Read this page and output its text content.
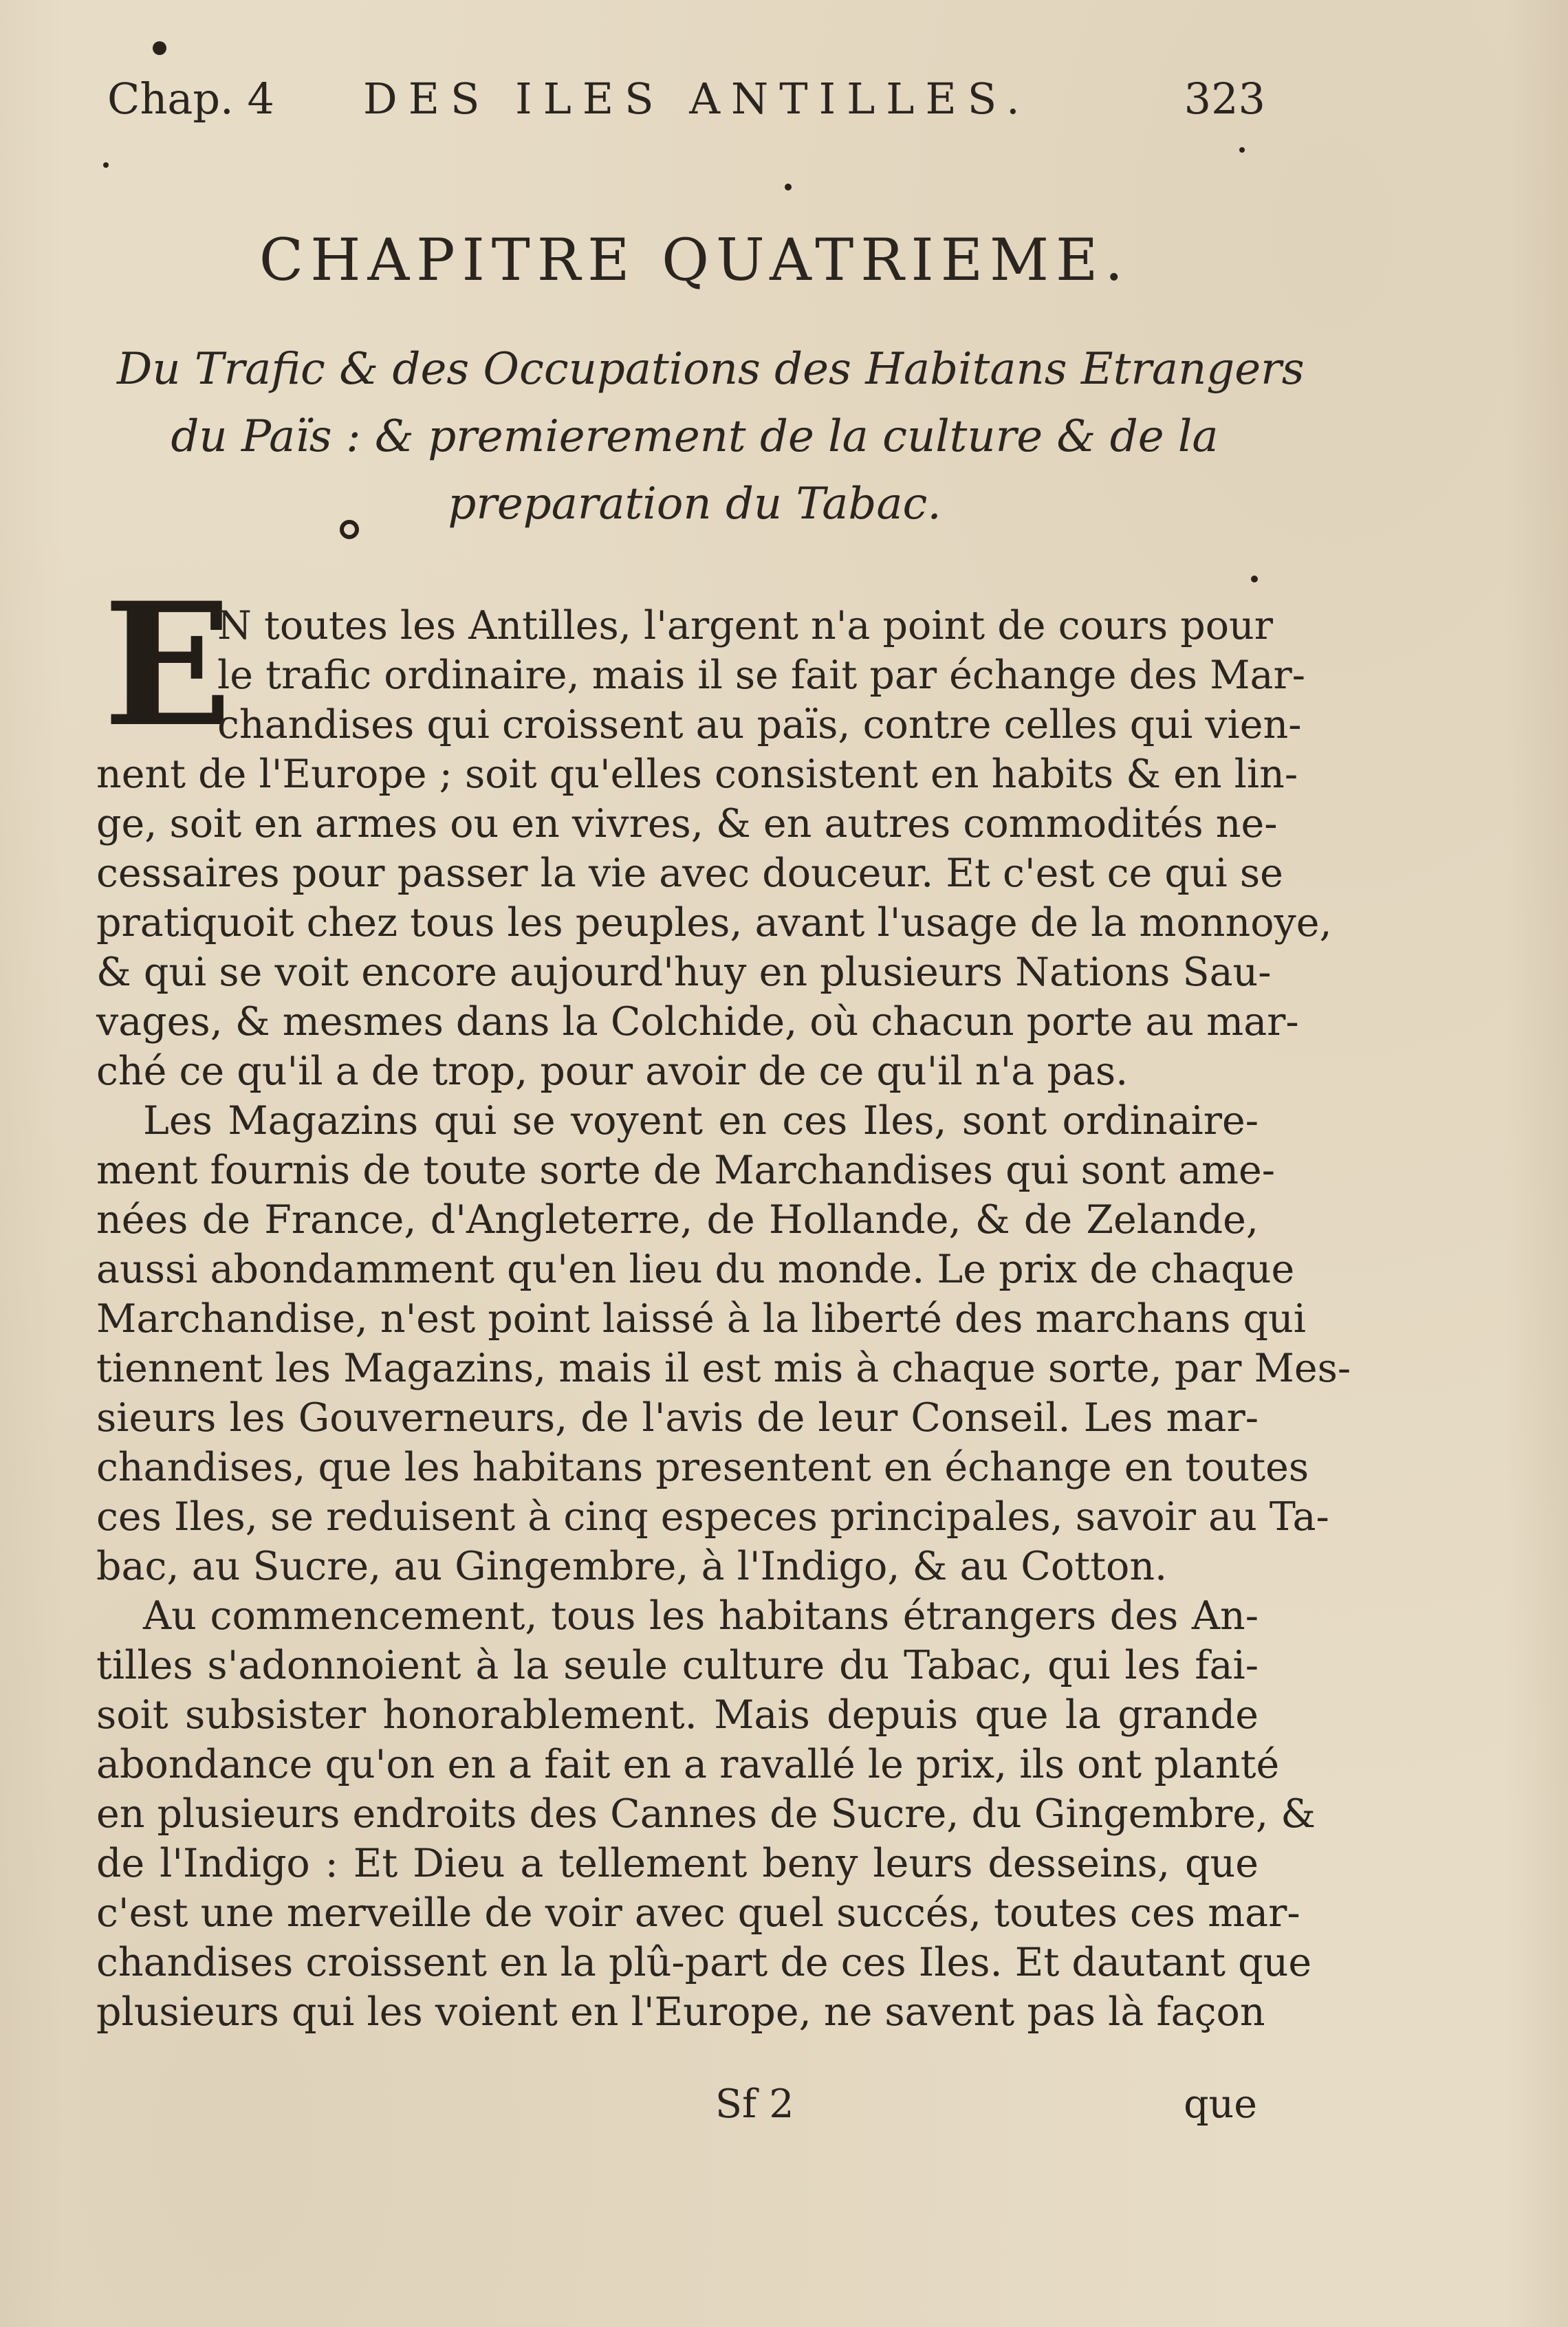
Chap. 4 DES ILES ANTILLES.	323
CHAPITRE QUATRIEME.
Du Trafic & des Occupations des Habitans Etrangers
du Païs : & premierement de la culture & de la
preparation du Tabac.
E
N toutes les Antilles, l'argent n'a point de cours pour
le trafic ordinaire, mais il se fait par échange des Mar-
chandises qui croissent au païs, contre celles qui vien-
nent de l'Europe ; soit qu'elles consistent en habits & en lin-
ge, soit en armes ou en vivres, & en autres commodités ne-
cessaires pour passer la vie avec douceur. Et c'est ce qui se
pratiquoit chez tous les peuples, avant l'usage de la monnoye,
& qui se voit encore aujourd'huy en plusieurs Nations Sau-
vages, & mesmes dans la Colchide, où chacun porte au mar-
ché ce qu'il a de trop, pour avoir de ce qu'il n'a pas.
Les Magazins qui se voyent en ces Iles, sont ordinaire-
ment fournis de toute sorte de Marchandises qui sont ame-
nées de France, d'Angleterre, de Hollande, & de Zelande,
aussi abondamment qu'en lieu du monde. Le prix de chaque
Marchandise, n'est point laissé à la liberté des marchans qui
tiennent les Magazins, mais il est mis à chaque sorte, par Mes-
sieurs les Gouverneurs, de l'avis de leur Conseil. Les mar-
chandises, que les habitans presentent en échange en toutes
ces Iles, se reduisent à cinq especes principales, savoir au Ta-
bac, au Sucre, au Gingembre, à l'Indigo, & au Cotton.
Au commencement, tous les habitans étrangers des An-
tilles s'adonnoient à la seule culture du Tabac, qui les fai-
soit subsister honorablement. Mais depuis que la grande
abondance qu'on en a fait en a ravallé le prix, ils ont planté
en plusieurs endroits des Cannes de Sucre, du Gingembre, &
de l'Indigo : Et Dieu a tellement beny leurs desseins, que
c'est une merveille de voir avec quel succés, toutes ces mar-
chandises croissent en la plû-part de ces Iles. Et dautant que
plusieurs qui les voient en l'Europe, ne savent pas là façon
Sf 2	que
